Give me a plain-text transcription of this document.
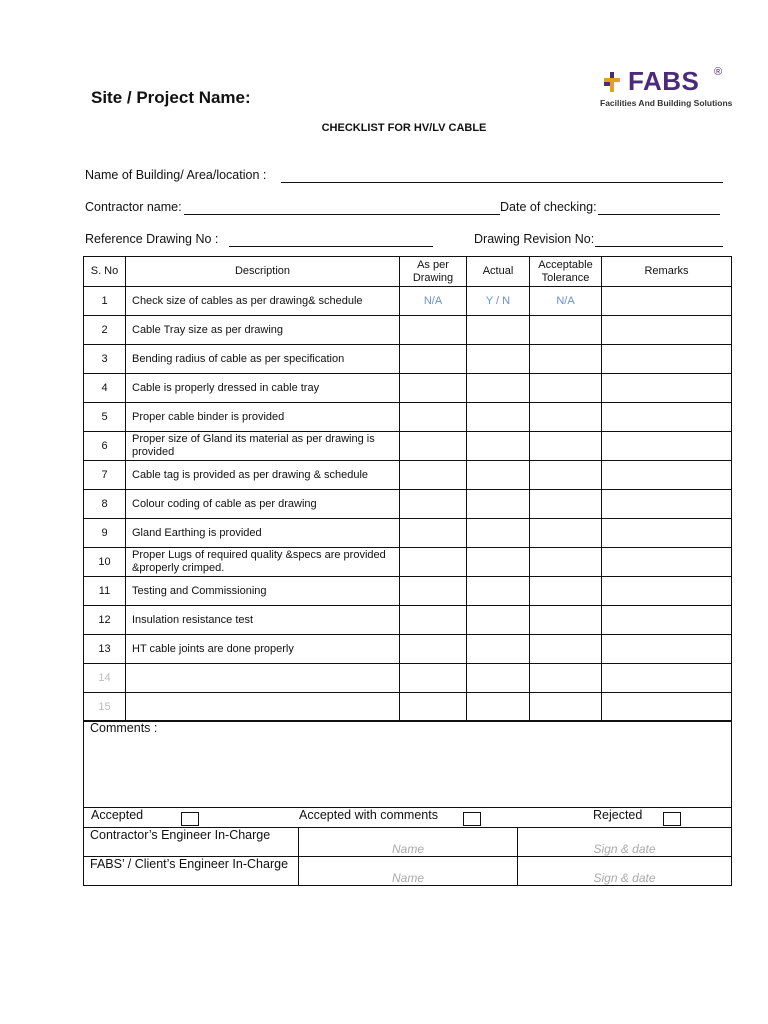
Site / Project Name:
FABS ®
Facilities And Building Solutions
CHECKLIST FOR HV/LV CABLE
Name of Building/ Area/location :
Contractor name:	Date of checking:
Reference Drawing No :	Drawing Revision No:
S. No	Description	As per Drawing	Actual	Acceptable Tolerance	Remarks
1	Check size of cables as per drawing& schedule	N/A	Y / N	N/A	
2	Cable Tray size as per drawing				
3	Bending radius of cable as per specification				
4	Cable is properly dressed in cable tray				
5	Proper cable binder is provided				
6	Proper size of Gland its material as per drawing is provided				
7	Cable tag is provided as per drawing & schedule				
8	Colour coding of cable as per drawing				
9	Gland Earthing is provided				
10	Proper Lugs of required quality &specs are provided &properly crimped.				
11	Testing and Commissioning				
12	Insulation resistance test				
13	HT cable joints are done properly				
14					
15					
Comments :		

Accepted Accepted with comments Rejected		

Contractor’s Engineer In-Charge	Name	Sign & date

FABS’ / Client’s Engineer In-Charge	Name	Sign & date
